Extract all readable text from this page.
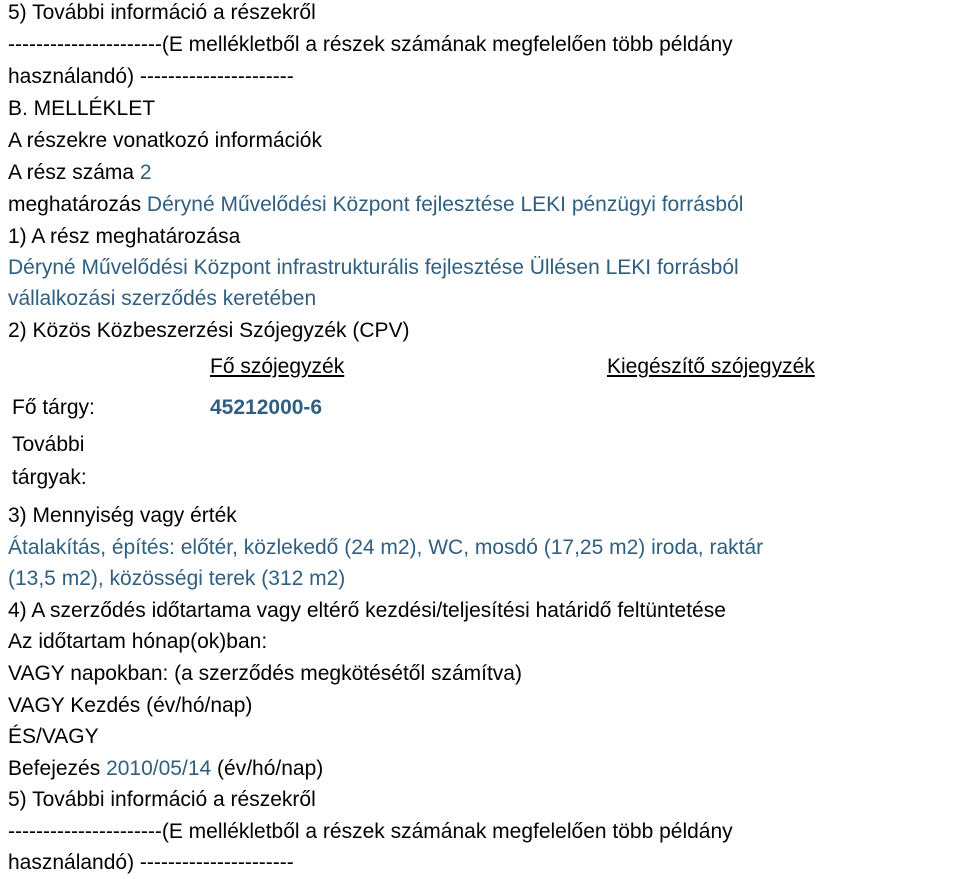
5) További információ a részekről
----------------------(E mellékletből a részek számának megfelelően több példány
használandó) ----------------------
B. MELLÉKLET
A részekre vonatkozó információk
A rész száma 2
meghatározás Déryné Művelődési Központ fejlesztése LEKI pénzügyi forrásból
1) A rész meghatározása
Déryné Művelődési Központ infrastrukturális fejlesztése Üllésen LEKI forrásból
vállalkozási szerződés keretében
2) Közös Közbeszerzési Szójegyzék (CPV)
Fő szójegyzék	Kiegészítő szójegyzék
Fő tárgy:	45212000-6
További
tárgyak:
3) Mennyiség vagy érték
Átalakítás, építés: előtér, közlekedő (24 m2), WC, mosdó (17,25 m2) iroda, raktár
(13,5 m2), közösségi terek (312 m2)
4) A szerződés időtartama vagy eltérő kezdési/teljesítési határidő feltüntetése
Az időtartam hónap(ok)ban:
VAGY napokban: (a szerződés megkötésétől számítva)
VAGY Kezdés (év/hó/nap)
ÉS/VAGY
Befejezés 2010/05/14 (év/hó/nap)
5) További információ a részekről
----------------------(E mellékletből a részek számának megfelelően több példány
használandó) ----------------------
